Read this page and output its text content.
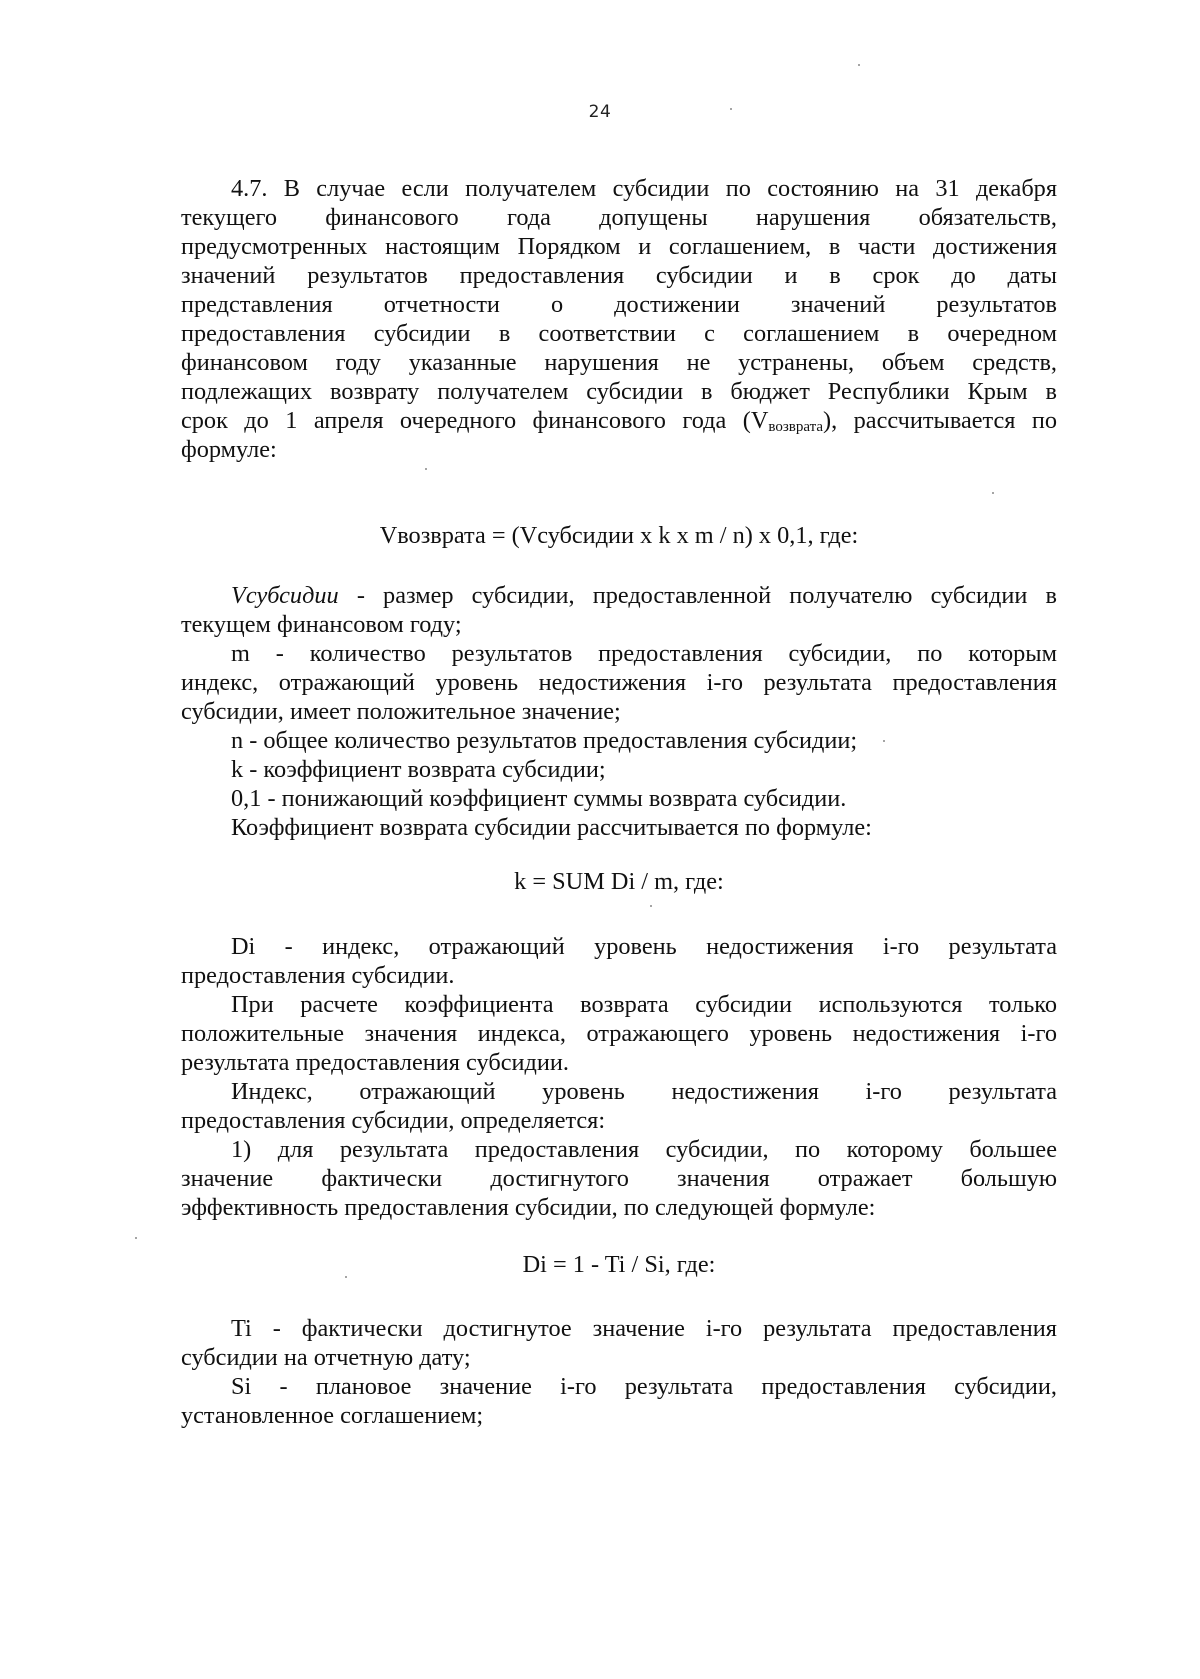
24

4.7. В случае если получателем субсидии по состоянию на 31 декабря

текущего финансового года допущены нарушения обязательств,

предусмотренных настоящим Порядком и соглашением, в части достижения

значений результатов предоставления субсидии и в срок до даты

представления отчетности о достижении значений результатов

предоставления субсидии в соответствии с соглашением в очередном

финансовом году указанные нарушения не устранены, объем средств,

подлежащих возврату получателем субсидии в бюджет Республики Крым в

срок до 1 апреля очередного финансового года $(V_{возврата})$, рассчитывается по

формуле:

Vвозврата = (Vсубсидии x k x m / n) x 0,1, где:

Vсубсидии - размер субсидии, предоставленной получателю субсидии в

текущем финансовом году;

m - количество результатов предоставления субсидии, по которым

индекс, отражающий уровень недостижения i-го результата предоставления

субсидии, имеет положительное значение;

n - общее количество результатов предоставления субсидии;

k - коэффициент возврата субсидии;

0,1 - понижающий коэффициент суммы возврата субсидии.

Коэффициент возврата субсидии рассчитывается по формуле:

k = SUM Di / m, где:

Di - индекс, отражающий уровень недостижения i-го результата

предоставления субсидии.

При расчете коэффициента возврата субсидии используются только

положительные значения индекса, отражающего уровень недостижения i-го

результата предоставления субсидии.

Индекс, отражающий уровень недостижения i-го результата

предоставления субсидии, определяется:

1) для результата предоставления субсидии, по которому большее

значение фактически достигнутого значения отражает большую

эффективность предоставления субсидии, по следующей формуле:

Di = 1 - Ti / Si, где:

Ti - фактически достигнутое значение i-го результата предоставления

субсидии на отчетную дату;

Si - плановое значение i-го результата предоставления субсидии,

установленное соглашением;
